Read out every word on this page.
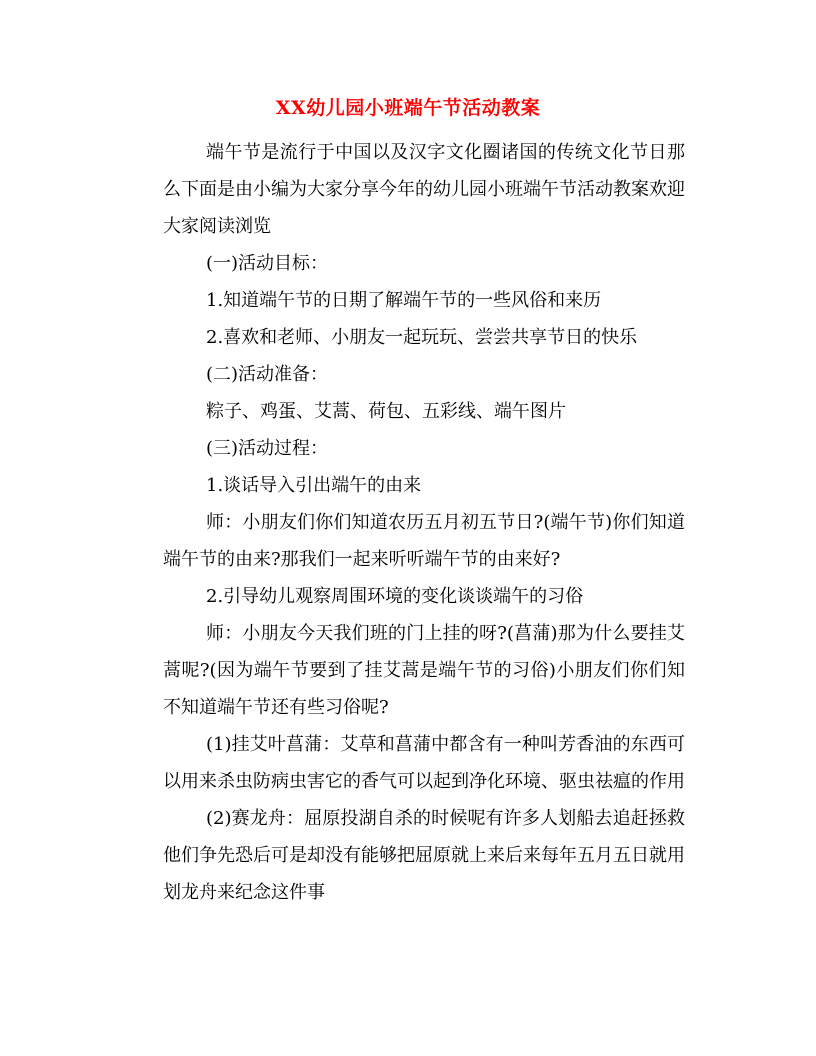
XX幼儿园小班端午节活动教案

端午节是流行于中国以及汉字文化圈诸国的传统文化节日那么下面是由小编为大家分享今年的幼儿园小班端午节活动教案欢迎大家阅读浏览

(一)活动目标：

1.知道端午节的日期了解端午节的一些风俗和来历

2.喜欢和老师、小朋友一起玩玩、尝尝共享节日的快乐

(二)活动准备：

粽子、鸡蛋、艾蒿、荷包、五彩线、端午图片

(三)活动过程：

1.谈话导入引出端午的由来

师：小朋友们你们知道农历五月初五节日?(端午节)你们知道端午节的由来?那我们一起来听听端午节的由来好?

2.引导幼儿观察周围环境的变化谈谈端午的习俗

师：小朋友今天我们班的门上挂的呀?(菖蒲)那为什么要挂艾蒿呢?(因为端午节要到了挂艾蒿是端午节的习俗)小朋友们你们知不知道端午节还有些习俗呢?

(1)挂艾叶菖蒲：艾草和菖蒲中都含有一种叫芳香油的东西可以用来杀虫防病虫害它的香气可以起到净化环境、驱虫祛瘟的作用

(2)赛龙舟：屈原投湖自杀的时候呢有许多人划船去追赶拯救他们争先恐后可是却没有能够把屈原就上来后来每年五月五日就用划龙舟来纪念这件事
